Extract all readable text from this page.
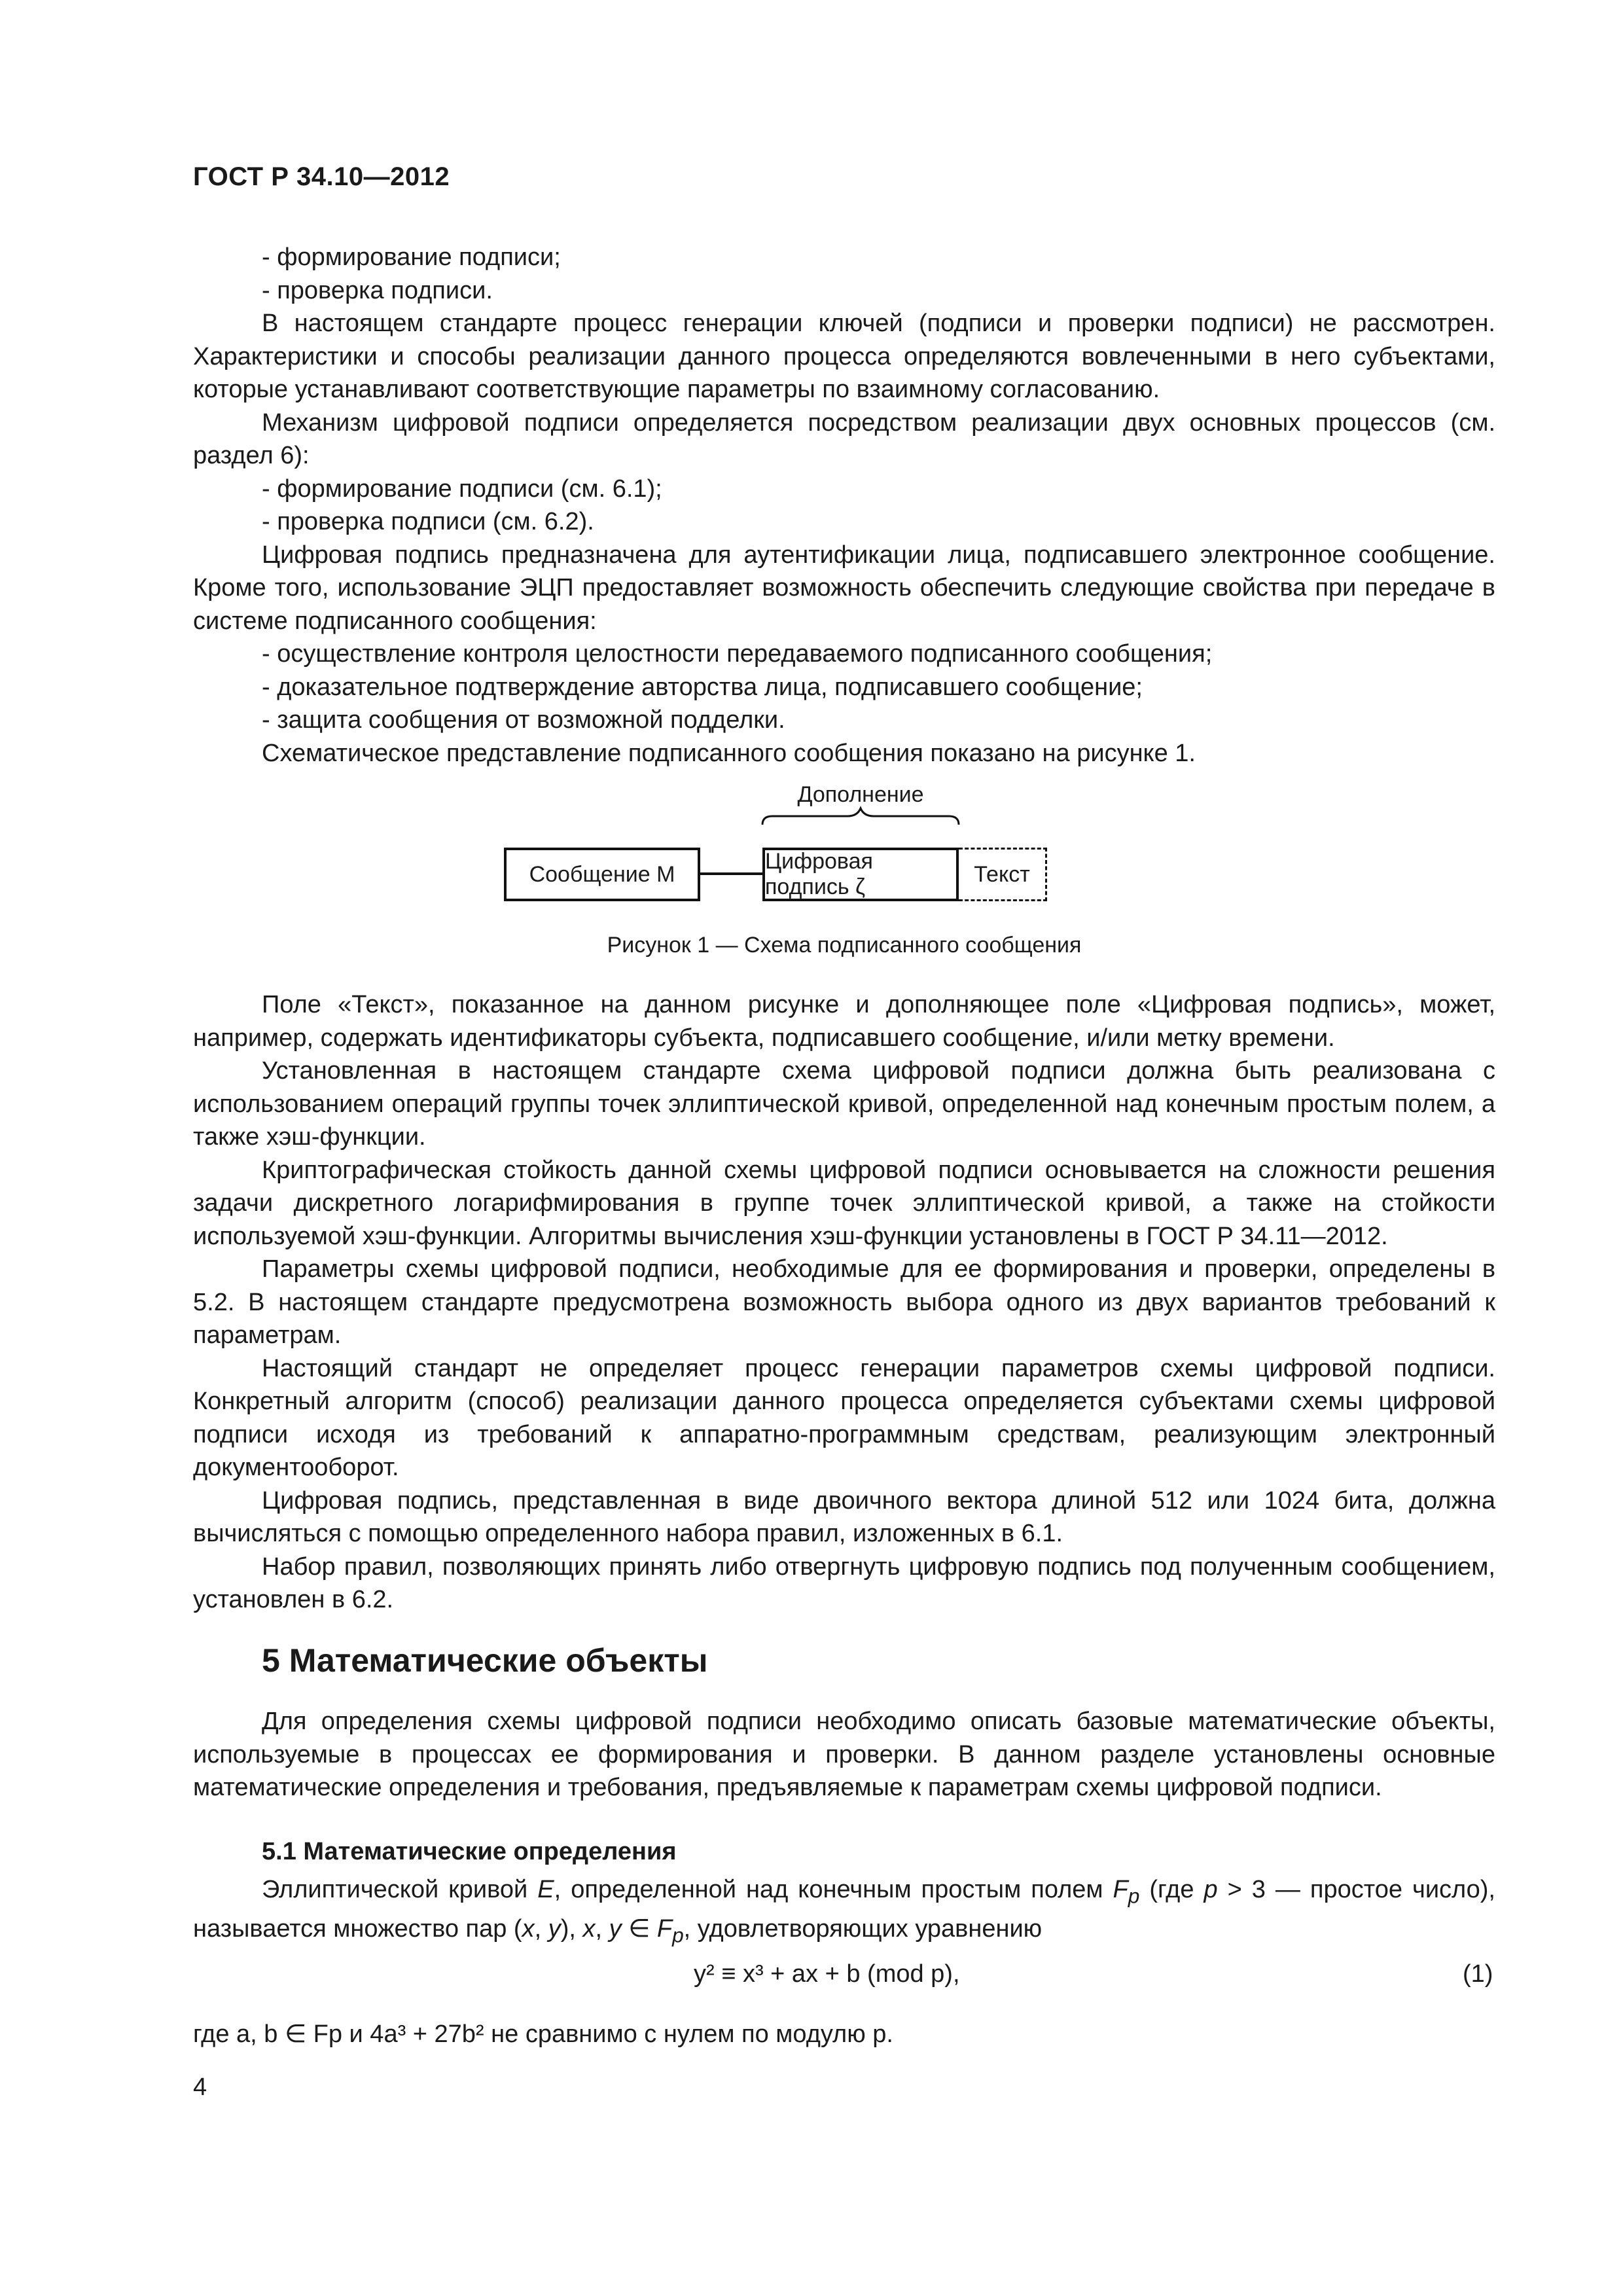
ГОСТ Р 34.10—2012

- формирование подписи;

- проверка подписи.

В настоящем стандарте процесс генерации ключей (подписи и проверки подписи) не рассмотрен. Характеристики и способы реализации данного процесса определяются вовлеченными в него субъектами, которые устанавливают соответствующие параметры по взаимному согласованию.

Механизм цифровой подписи определяется посредством реализации двух основных процессов (см. раздел 6):

- формирование подписи (см. 6.1);

- проверка подписи (см. 6.2).

Цифровая подпись предназначена для аутентификации лица, подписавшего электронное сообщение. Кроме того, использование ЭЦП предоставляет возможность обеспечить следующие свойства при передаче в системе подписанного сообщения:

- осуществление контроля целостности передаваемого подписанного сообщения;

- доказательное подтверждение авторства лица, подписавшего сообщение;

- защита сообщения от возможной подделки.

Схематическое представление подписанного сообщения показано на рисунке 1.

Дополнение
Сообщение M
Цифровая подпись ζ
Текст
Рисунок 1 — Схема подписанного сообщения

Поле «Текст», показанное на данном рисунке и дополняющее поле «Цифровая подпись», может, например, содержать идентификаторы субъекта, подписавшего сообщение, и/или метку времени.

Установленная в настоящем стандарте схема цифровой подписи должна быть реализована с использованием операций группы точек эллиптической кривой, определенной над конечным простым полем, а также хэш-функции.

Криптографическая стойкость данной схемы цифровой подписи основывается на сложности решения задачи дискретного логарифмирования в группе точек эллиптической кривой, а также на стойкости используемой хэш-функции. Алгоритмы вычисления хэш-функции установлены в ГОСТ Р 34.11—2012.

Параметры схемы цифровой подписи, необходимые для ее формирования и проверки, определены в 5.2. В настоящем стандарте предусмотрена возможность выбора одного из двух вариантов требований к параметрам.

Настоящий стандарт не определяет процесс генерации параметров схемы цифровой подписи. Конкретный алгоритм (способ) реализации данного процесса определяется субъектами схемы цифровой подписи исходя из требований к аппаратно-программным средствам, реализующим электронный документооборот.

Цифровая подпись, представленная в виде двоичного вектора длиной 512 или 1024 бита, должна вычисляться с помощью определенного набора правил, изложенных в 6.1.

Набор правил, позволяющих принять либо отвергнуть цифровую подпись под полученным сообщением, установлен в 6.2.

5 Математические объекты

Для определения схемы цифровой подписи необходимо описать базовые математические объекты, используемые в процессах ее формирования и проверки. В данном разделе установлены основные математические определения и требования, предъявляемые к параметрам схемы цифровой подписи.

5.1 Математические определения

Эллиптической кривой E, определенной над конечным простым полем $F_p$ (где p > 3 — простое число), называется множество пар (x, y), x, y ∈ $F_p$, удовлетворяющих уравнению

y² ≡ x³ + ax + b (mod p),	(1)
где a, b ∈ Fp и 4a³ + 27b² не сравнимо с нулем по модулю p.
4
